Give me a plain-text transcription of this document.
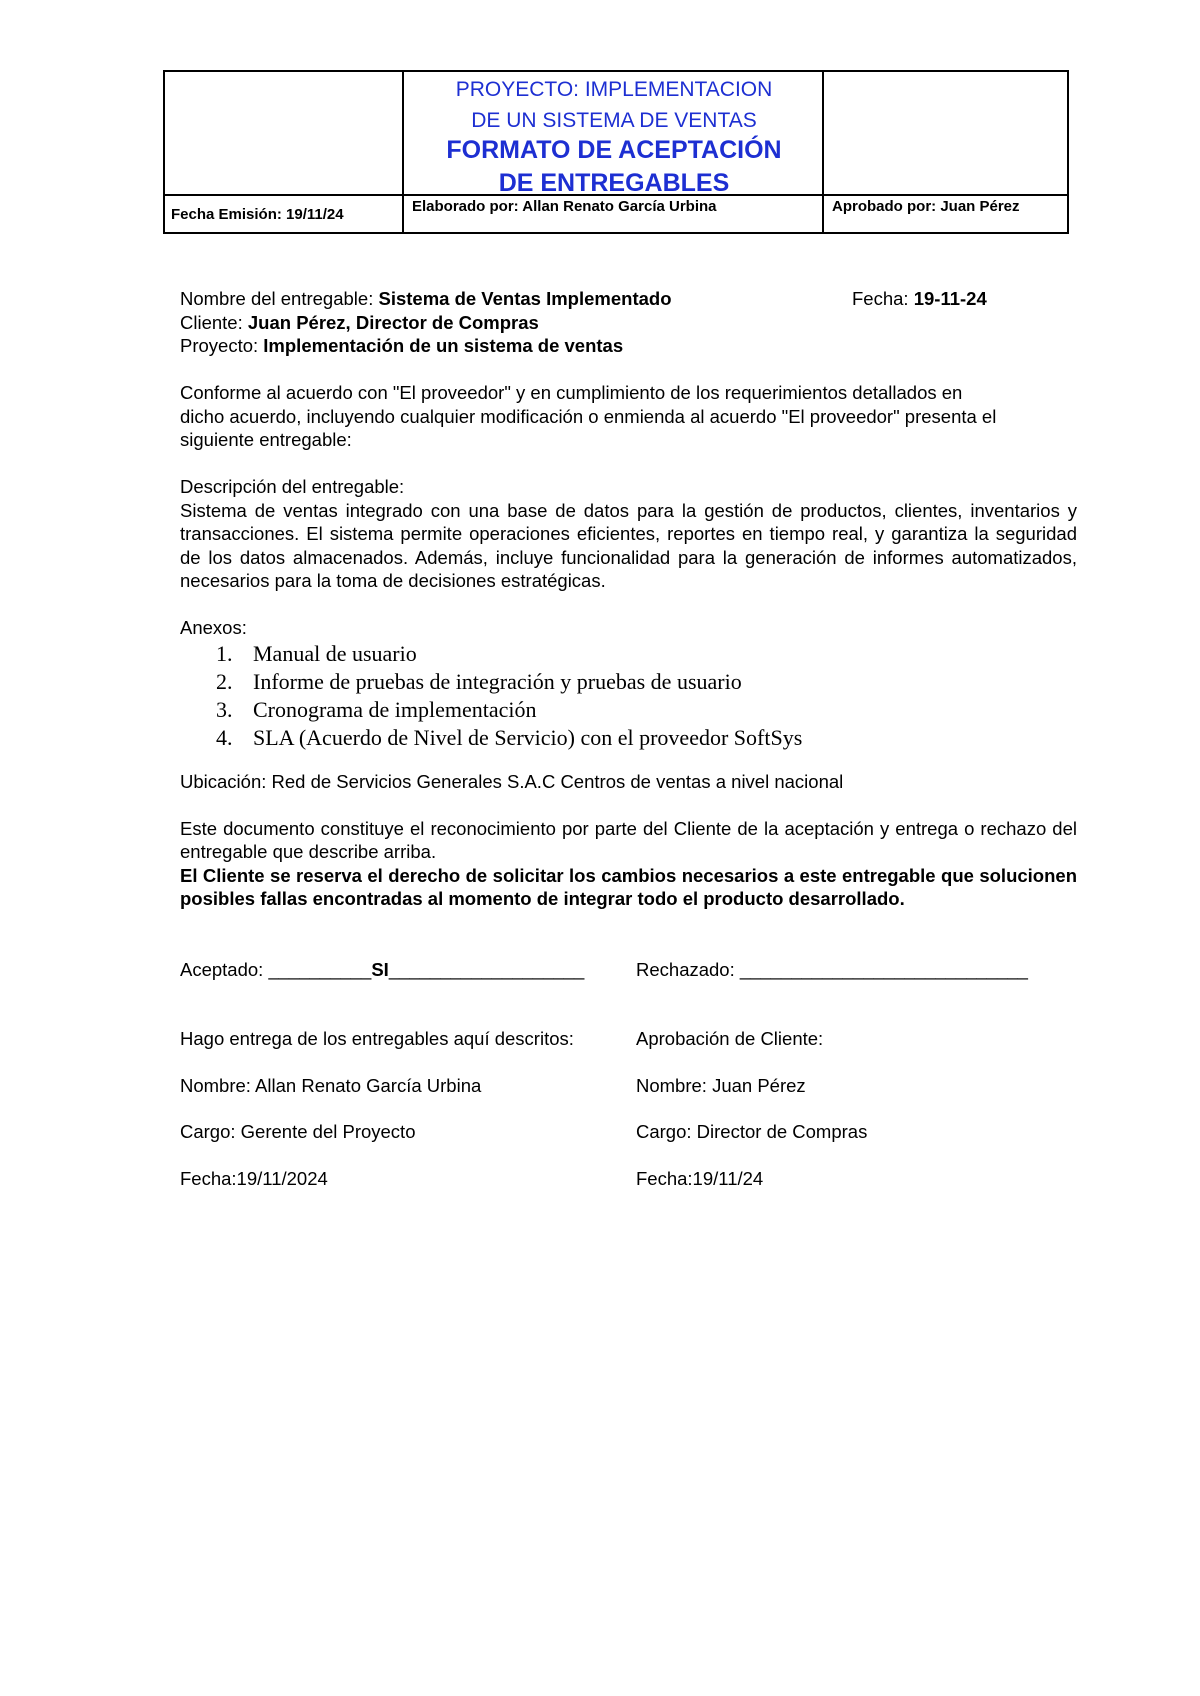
PROYECTO: IMPLEMENTACION
DE UN SISTEMA DE VENTAS
FORMATO DE ACEPTACIÓN
DE ENTREGABLES
Fecha Emisión: 19/11/24	Elaborado por: Allan Renato García Urbina	Aprobado por: Juan Pérez
Nombre del entregable: Sistema de Ventas Implementado	Fecha: 19-11-24
Cliente: Juan Pérez, Director de Compras
Proyecto: Implementación de un sistema de ventas

Conforme al acuerdo con "El proveedor" y en cumplimiento de los requerimientos detallados en

dicho acuerdo, incluyendo cualquier modificación o enmienda al acuerdo "El proveedor" presenta el

siguiente entregable:

Descripción del entregable:

Sistema de ventas integrado con una base de datos para la gestión de productos, clientes, inventarios y transacciones. El sistema permite operaciones eficientes, reportes en tiempo real, y garantiza la seguridad de los datos almacenados. Además, incluye funcionalidad para la generación de informes automatizados, necesarios para la toma de decisiones estratégicas.

Anexos:

1. Manual de usuario
2. Informe de pruebas de integración y pruebas de usuario
3. Cronograma de implementación
4. SLA (Acuerdo de Nivel de Servicio) con el proveedor SoftSys

Ubicación: Red de Servicios Generales S.A.C Centros de ventas a nivel nacional

Este documento constituye el reconocimiento por parte del Cliente de la aceptación y entrega o rechazo del entregable que describe arriba.

El Cliente se reserva el derecho de solicitar los cambios necesarios a este entregable que solucionen posibles fallas encontradas al momento de integrar todo el producto desarrollado.

Aceptado: __________SI___________________	Rechazado: ____________________________
Hago entrega de los entregables aquí descritos:	Aprobación de Cliente:
Nombre: Allan Renato García Urbina	Nombre: Juan Pérez
Cargo: Gerente del Proyecto	Cargo: Director de Compras
Fecha:19/11/2024	Fecha:19/11/24
